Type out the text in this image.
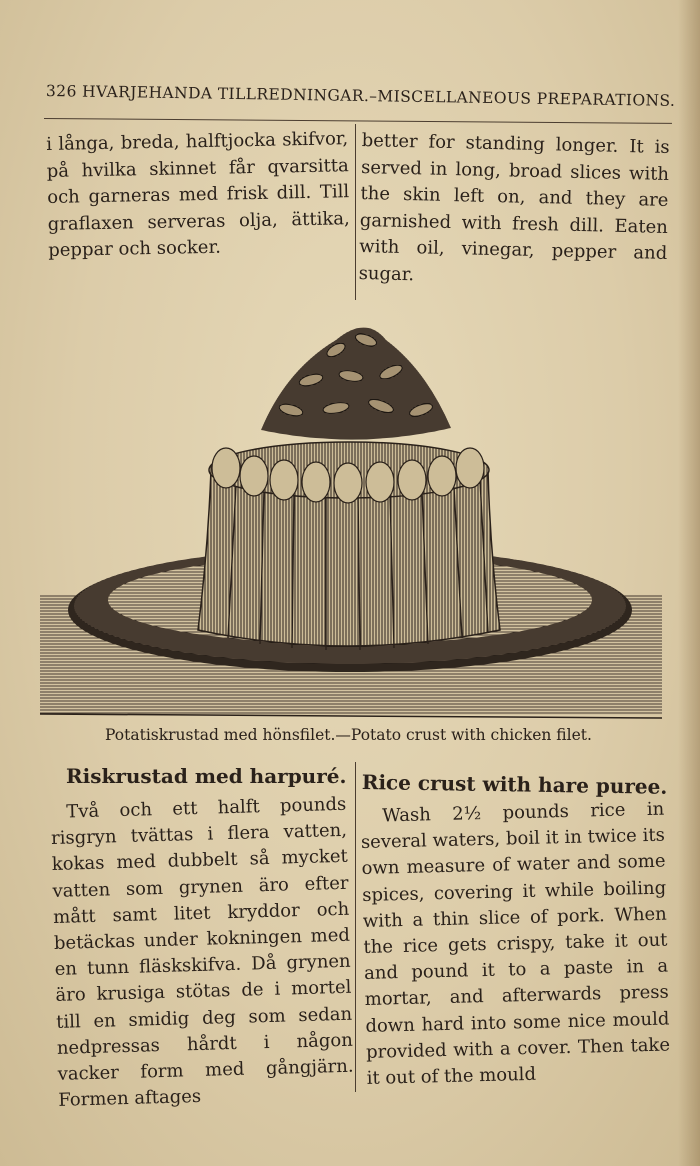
326 HVARJEHANDA TILLREDNINGAR.–MISCELLANEOUS PREPARATIONS.

i långa, breda, halftjocka skifvor, på hvilka skinnet får qvarsitta och garneras med frisk dill. Till graflaxen serveras olja, ättika, peppar och socker.

better for standing longer. It is served in long, broad slices with the skin left on, and they are garnished with fresh dill. Eaten with oil, vinegar, pepper and sugar.

Potatiskrustad med hönsfilet.—Potato crust with chicken filet.
Riskrustad med harpuré. Rice crust with hare puree.

Två och ett halft pounds risgryn tvättas i flera vatten, kokas med dubbelt så mycket vatten som grynen äro efter mått samt litet kryddor och betäckas under kokningen med en tunn fläskskifva. Då grynen äro krusiga stötas de i mortel till en smidig deg som sedan nedpressas hårdt i någon vacker form med gångjärn. Formen aftages

Wash 2½ pounds rice in several waters, boil it in twice its own measure of water and some spices, covering it while boiling with a thin slice of pork. When the rice gets crispy, take it out and pound it to a paste in a mortar, and afterwards press down hard into some nice mould provided with a cover. Then take it out of the mould
